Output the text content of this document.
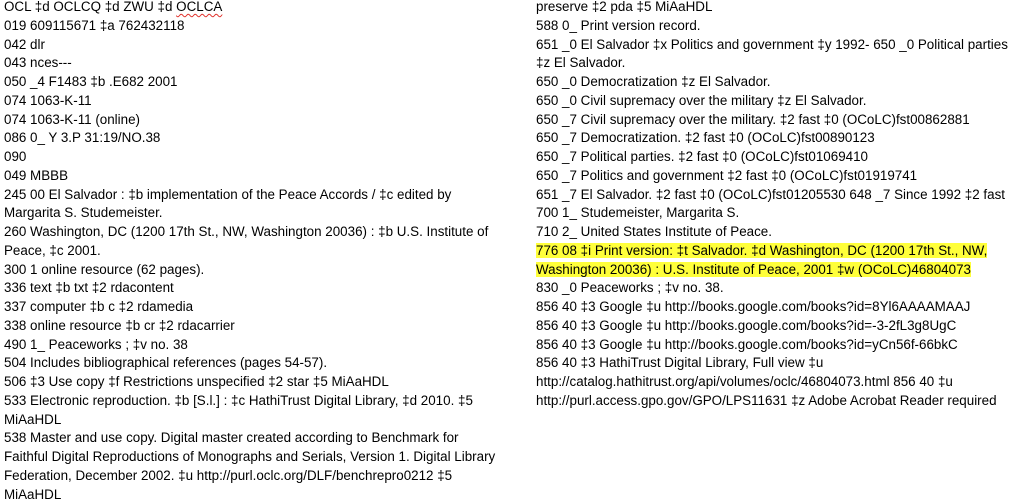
OCL ‡d OCLCQ ‡d ZWU ‡d OCLCA
019 609115671 ‡a 762432118
042 dlr
043 nces---
050 _4 F1483 ‡b .E682 2001
074 1063-K-11
074 1063-K-11 (online)
086 0_ Y 3.P 31:19/NO.38
090
049 MBBB
245 00 El Salvador : ‡b implementation of the Peace Accords / ‡c edited by Margarita S. Studemeister.
260 Washington, DC (1200 17th St., NW, Washington 20036) : ‡b U.S. Institute of Peace, ‡c 2001.
300 1 online resource (62 pages).
336 text ‡b txt ‡2 rdacontent
337 computer ‡b c ‡2 rdamedia
338 online resource ‡b cr ‡2 rdacarrier
490 1_ Peaceworks ; ‡v no. 38
504 Includes bibliographical references (pages 54-57).
506 ‡3 Use copy ‡f Restrictions unspecified ‡2 star ‡5 MiAaHDL
533 Electronic reproduction. ‡b [S.l.] : ‡c HathiTrust Digital Library, ‡d 2010. ‡5 MiAaHDL
538 Master and use copy. Digital master created according to Benchmark for Faithful Digital Reproductions of Monographs and Serials, Version 1. Digital Library Federation, December 2002. ‡u http://purl.oclc.org/DLF/benchrepro0212 ‡5 MiAaHDL
preserve ‡2 pda ‡5 MiAaHDL
588 0_ Print version record.
651 _0 El Salvador ‡x Politics and government ‡y 1992- 650 _0 Political parties ‡z El Salvador.
650 _0 Democratization ‡z El Salvador.
650 _0 Civil supremacy over the military ‡z El Salvador.
650 _7 Civil supremacy over the military. ‡2 fast ‡0 (OCoLC)fst00862881
650 _7 Democratization. ‡2 fast ‡0 (OCoLC)fst00890123
650 _7 Political parties. ‡2 fast ‡0 (OCoLC)fst01069410
650 _7 Politics and government ‡2 fast ‡0 (OCoLC)fst01919741
651 _7 El Salvador. ‡2 fast ‡0 (OCoLC)fst01205530 648 _7 Since 1992 ‡2 fast
700 1_ Studemeister, Margarita S.
710 2_ United States Institute of Peace.
776 08 ‡i Print version: ‡t Salvador. ‡d Washington, DC (1200 17th St., NW, Washington 20036) : U.S. Institute of Peace, 2001 ‡w (OCoLC)46804073
830 _0 Peaceworks ; ‡v no. 38.
856 40 ‡3 Google ‡u http://books.google.com/books?id=8Yl6AAAAMAAJ
856 40 ‡3 Google ‡u http://books.google.com/books?id=-3-2fL3g8UgC
856 40 ‡3 Google ‡u http://books.google.com/books?id=yCn56f-66bkC
856 40 ‡3 HathiTrust Digital Library, Full view ‡u http://catalog.hathitrust.org/api/volumes/oclc/46804073.html 856 40 ‡u http://purl.access.gpo.gov/GPO/LPS11631 ‡z Adobe Acrobat Reader required
